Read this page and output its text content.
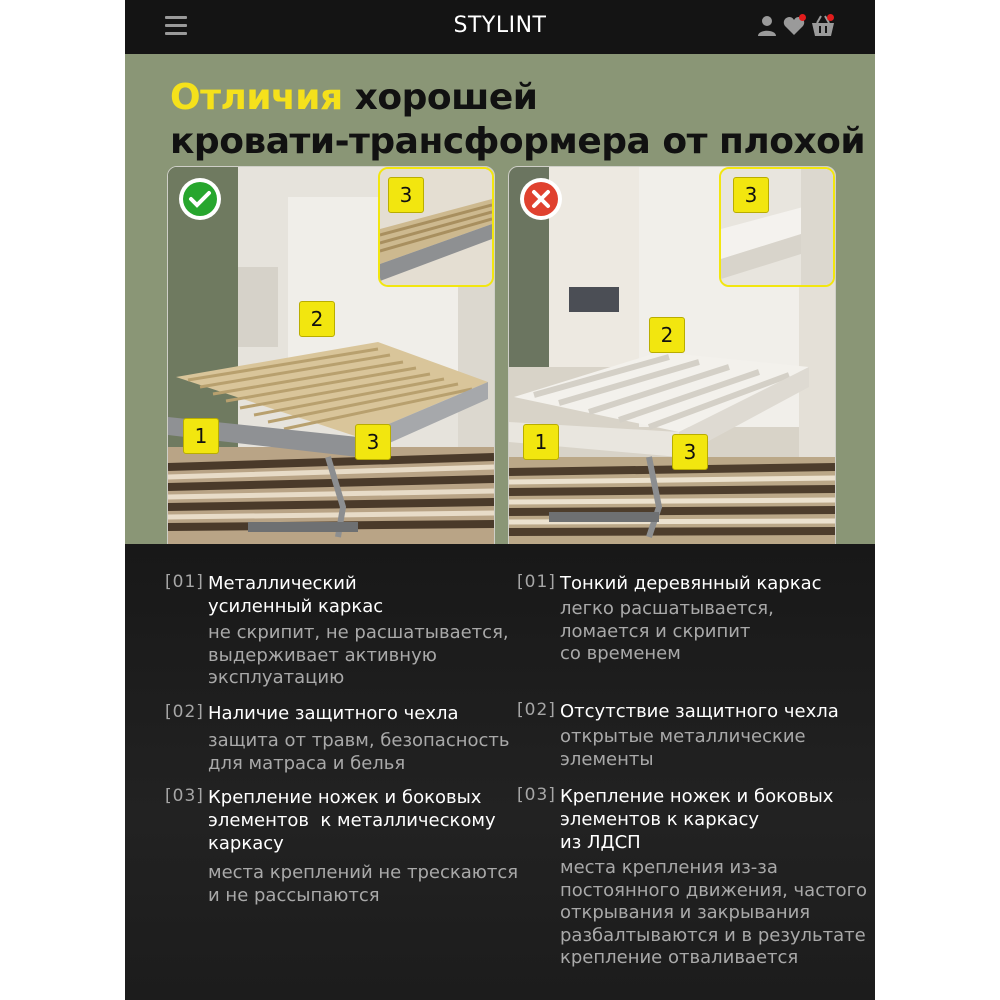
STYLINT
Отличия хорошей
кровати-трансформера от плохой
3
2
1	3
3
2
1	3
[01] Металлический
усиленный каркас
не скрипит, не расшатывается,
выдерживает активную
эксплуатацию
[02] Наличие защитного чехла
защита от травм, безопасность
для матраса и белья
[03] Крепление ножек и боковых
элементов  к металлическому
каркасу
места креплений не трескаются
и не рассыпаются
[01] Тонкий деревянный каркас
легко расшатывается,
ломается и скрипит
со временем
[02] Отсутствие защитного чехла
открытые металлические
элементы
[03] Крепление ножек и боковых
элементов к каркасу
из ЛДСП
места крепления из-за
постоянного движения, частого
открывания и закрывания
разбалтываются и в результате
крепление отваливается
